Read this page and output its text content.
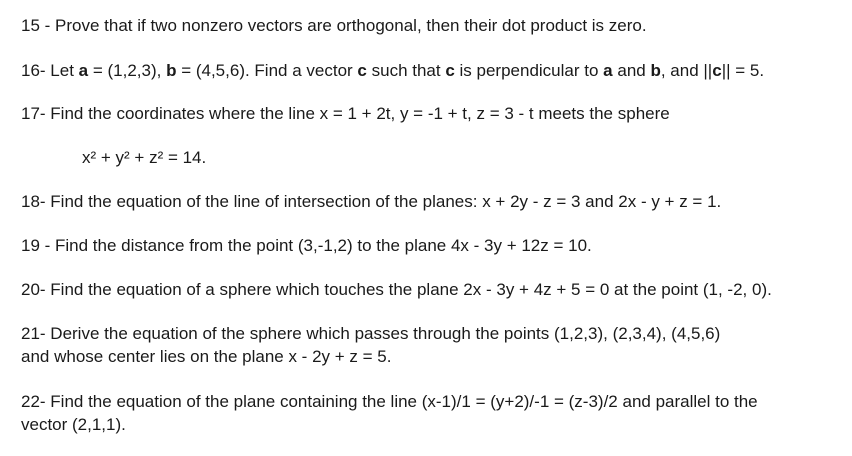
15 - Prove that if two nonzero vectors are orthogonal, then their dot product is zero.
16- Let a = (1,2,3), b = (4,5,6). Find a vector c such that c is perpendicular to a and b, and ||c|| = 5.
17- Find the coordinates where the line x = 1 + 2t, y = -1 + t, z = 3 - t meets the sphere
x² + y² + z² = 14.
18- Find the equation of the line of intersection of the planes: x + 2y - z = 3 and 2x - y + z = 1.
19 - Find the distance from the point (3,-1,2) to the plane 4x - 3y + 12z = 10.
20- Find the equation of a sphere which touches the plane 2x - 3y + 4z + 5 = 0 at the point (1, -2, 0).
21- Derive the equation of the sphere which passes through the points (1,2,3), (2,3,4), (4,5,6)
and whose center lies on the plane x - 2y + z = 5.
22- Find the equation of the plane containing the line (x-1)/1 = (y+2)/-1 = (z-3)/2 and parallel to the
vector (2,1,1).
